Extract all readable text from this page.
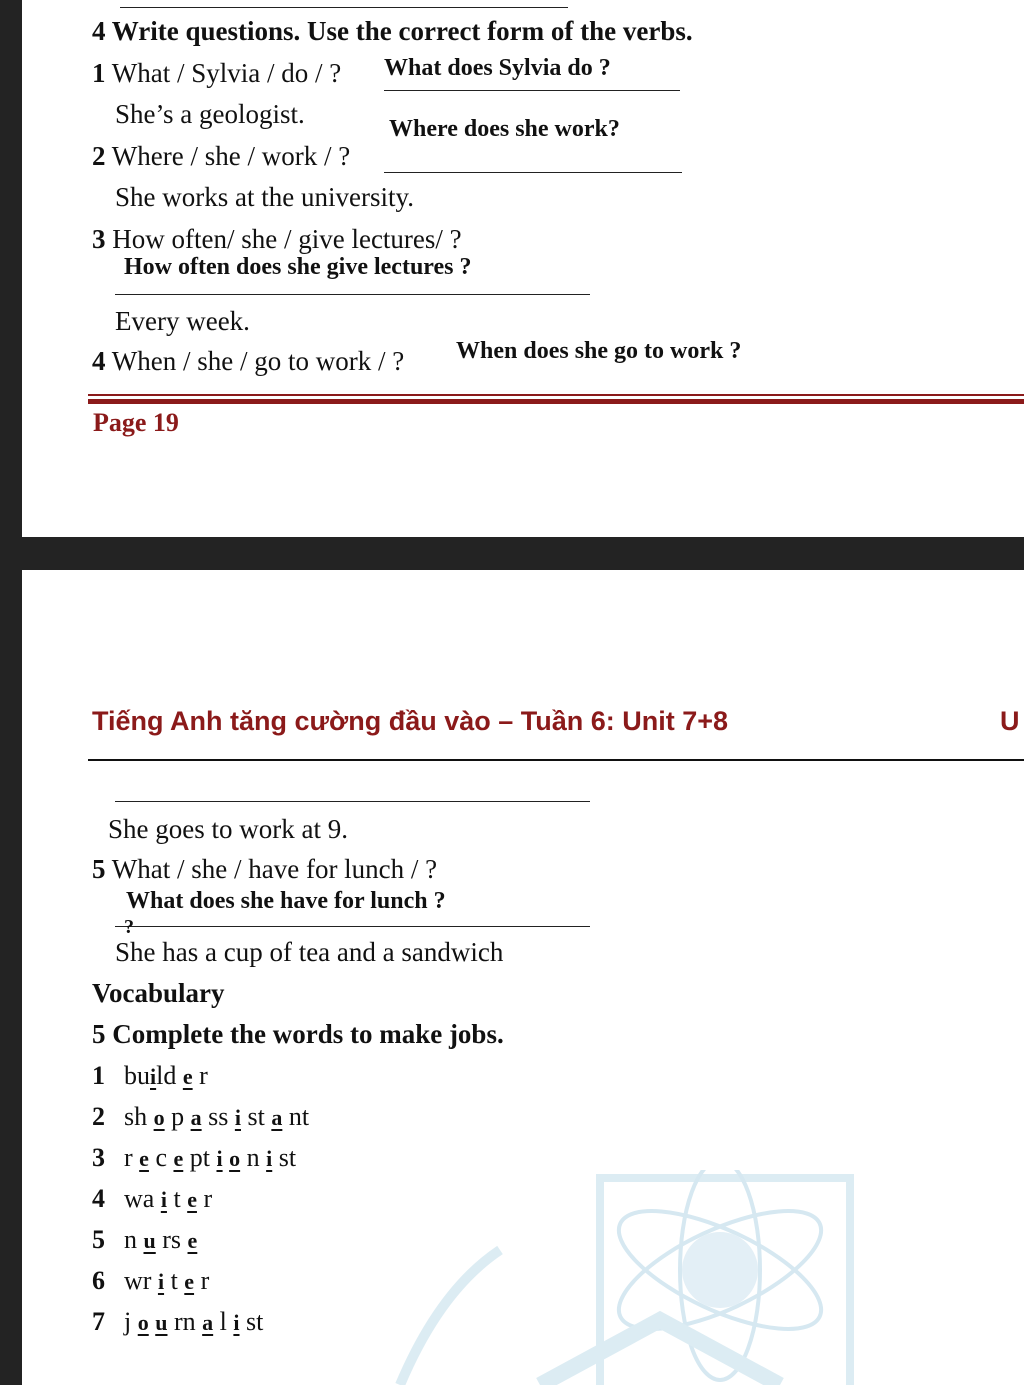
4 Write questions. Use the correct form of the verbs.
1 What / Sylvia / do / ? What does Sylvia do ?
She’s a geologist.	Where does she work?
2 Where / she / work / ?
She works at the university.
3 How often/ she / give lectures/ ?
How often does she give lectures ?
Every week.
4 When / she / go to work / ? When does she go to work ?
Page 19
Tiếng Anh tăng cường đầu vào – Tuần 6: Unit 7+8	U
She goes to work at 9.
5 What / she / have for lunch / ?
What does she have for lunch ?
?
She has a cup of tea and a sandwich
Vocabulary
5 Complete the words to make jobs.
1 build e r
2 sh o p a ss i st a nt
3 r e c e pt i o n i st
4 wa i t e r
5 n u rs e
6 wr i t e r
7 j o u rn a l i st
